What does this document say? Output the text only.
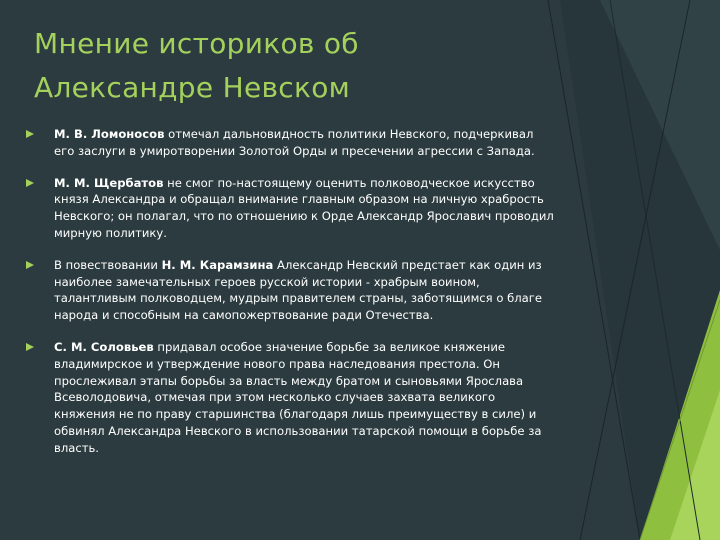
Мнение историков об
Александре Невском
М. В. Ломоносов отмечал дальновидность политики Невского, подчеркивал его заслуги в умиротворении Золотой Орды и пресечении агрессии с Запада.
М. М. Щербатов не смог по-настоящему оценить полководческое искусство князя Александра и обращал внимание главным образом на личную храбрость Невского; он полагал, что по отношению к Орде Александр Ярославич проводил мирную политику.
В повествовании Н. М. Карамзина Александр Невский предстает как один из наиболее замечательных героев русской истории - храбрым воином, талантливым полководцем, мудрым правителем страны, заботящимся о благе народа и способным на самопожертвование ради Отечества.
С. М. Соловьев придавал особое значение борьбе за великое княжение владимирское и утверждение нового права наследования престола. Он прослеживал этапы борьбы за власть между братом и сыновьями Ярослава Всеволодовича, отмечая при этом несколько случаев захвата великого княжения не по праву старшинства (благодаря лишь преимуществу в силе) и обвинял Александра Невского в использовании татарской помощи в борьбе за власть.
